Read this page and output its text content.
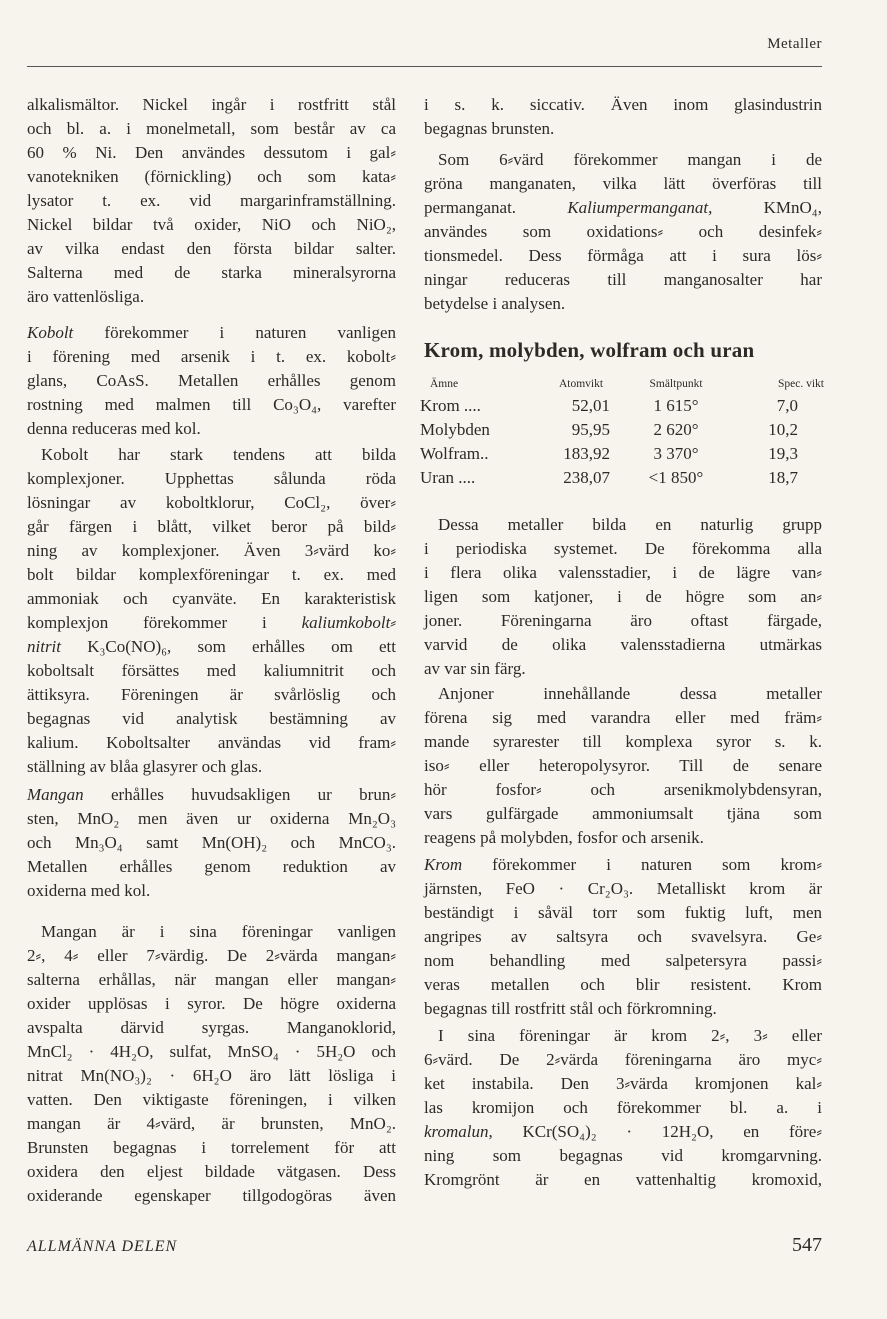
Metaller
alkalismältor. Nickel ingår i rostfritt stål
och bl. a. i monelmetall, som består av ca
60 % Ni. Den användes dessutom i gal⸗
vanotekniken (förnickling) och som kata⸗
lysator t. ex. vid margarinframställning.
Nickel bildar två oxider, NiO och NiO₂,
av vilka endast den första bildar salter.
Salterna med de starka mineralsyrorna
äro vattenlösliga.
Kobolt förekommer i naturen vanligen
i förening med arsenik i t. ex. kobolt⸗
glans, CoAsS. Metallen erhålles genom
rostning med malmen till Co₃O₄, varefter
denna reduceras med kol.
Kobolt har stark tendens att bilda
komplexjoner. Upphettas sålunda röda
lösningar av koboltklorur, CoCl₂, över⸗
går färgen i blått, vilket beror på bild⸗
ning av komplexjoner. Även 3⸗värd ko⸗
bolt bildar komplexföreningar t. ex. med
ammoniak och cyanväte. En karakteristisk
komplexjon förekommer i kaliumkobolt⸗
nitrit K₃Co(NO)₆, som erhålles om ett
koboltsalt försättes med kaliumnitrit och
ättiksyra. Föreningen är svårlöslig och
begagnas vid analytisk bestämning av
kalium. Koboltsalter användas vid fram⸗
ställning av blåa glasyrer och glas.
Mangan erhålles huvudsakligen ur brun⸗
sten, MnO₂ men även ur oxiderna Mn₂O₃
och Mn₃O₄ samt Mn(OH)₂ och MnCO₃.
Metallen erhålles genom reduktion av
oxiderna med kol.
Mangan är i sina föreningar vanligen
2⸗, 4⸗ eller 7⸗värdig. De 2⸗värda mangan⸗
salterna erhållas, när mangan eller mangan⸗
oxider upplösas i syror. De högre oxiderna
avspalta därvid syrgas. Manganoklorid,
MnCl₂ · 4H₂O, sulfat, MnSO₄ · 5H₂O och
nitrat Mn(NO₃)₂ · 6H₂O äro lätt lösliga i
vatten. Den viktigaste föreningen, i vilken
mangan är 4⸗värd, är brunsten, MnO₂.
Brunsten begagnas i torrelement för att
oxidera den eljest bildade vätgasen. Dess
oxiderande egenskaper tillgodogöras även
i s. k. siccativ. Även inom glasindustrin
begagnas brunsten.
Som 6⸗värd förekommer mangan i de
gröna manganaten, vilka lätt överföras till
permanganat. Kaliumpermanganat, KMnO₄,
användes som oxidations⸗ och desinfek⸗
tionsmedel. Dess förmåga att i sura lös⸗
ningar reduceras till manganosalter har
betydelse i analysen.
Krom, molybden, wolfram och uran
Ämne	Atomvikt	Smältpunkt	Spec. vikt
Krom ....	52,01	1 615°	7,0
Molybden	95,95	2 620°	10,2
Wolfram..	183,92	3 370°	19,3
Uran ....	238,07	<1 850°	18,7
Dessa metaller bilda en naturlig grupp
i periodiska systemet. De förekomma alla
i flera olika valensstadier, i de lägre van⸗
ligen som katjoner, i de högre som an⸗
joner. Föreningarna äro oftast färgade,
varvid de olika valensstadierna utmärkas
av var sin färg.
Anjoner innehållande dessa metaller
förena sig med varandra eller med främ⸗
mande syrarester till komplexa syror s. k.
iso⸗ eller heteropolysyror. Till de senare
hör fosfor⸗ och arsenikmolybdensyran,
vars gulfärgade ammoniumsalt tjäna som
reagens på molybden, fosfor och arsenik.
Krom förekommer i naturen som krom⸗
järnsten, FeO · Cr₂O₃. Metalliskt krom är
beständigt i såväl torr som fuktig luft, men
angripes av saltsyra och svavelsyra. Ge⸗
nom behandling med salpetersyra passi⸗
veras metallen och blir resistent. Krom
begagnas till rostfritt stål och förkromning.
I sina föreningar är krom 2⸗, 3⸗ eller
6⸗värd. De 2⸗värda föreningarna äro myc⸗
ket instabila. Den 3⸗värda kromjonen kal⸗
las kromijon och förekommer bl. a. i
kromalun, KCr(SO₄)₂ · 12H₂O, en före⸗
ning som begagnas vid kromgarvning.
Kromgrönt är en vattenhaltig kromoxid,
ALLMÄNNA DELEN	547
